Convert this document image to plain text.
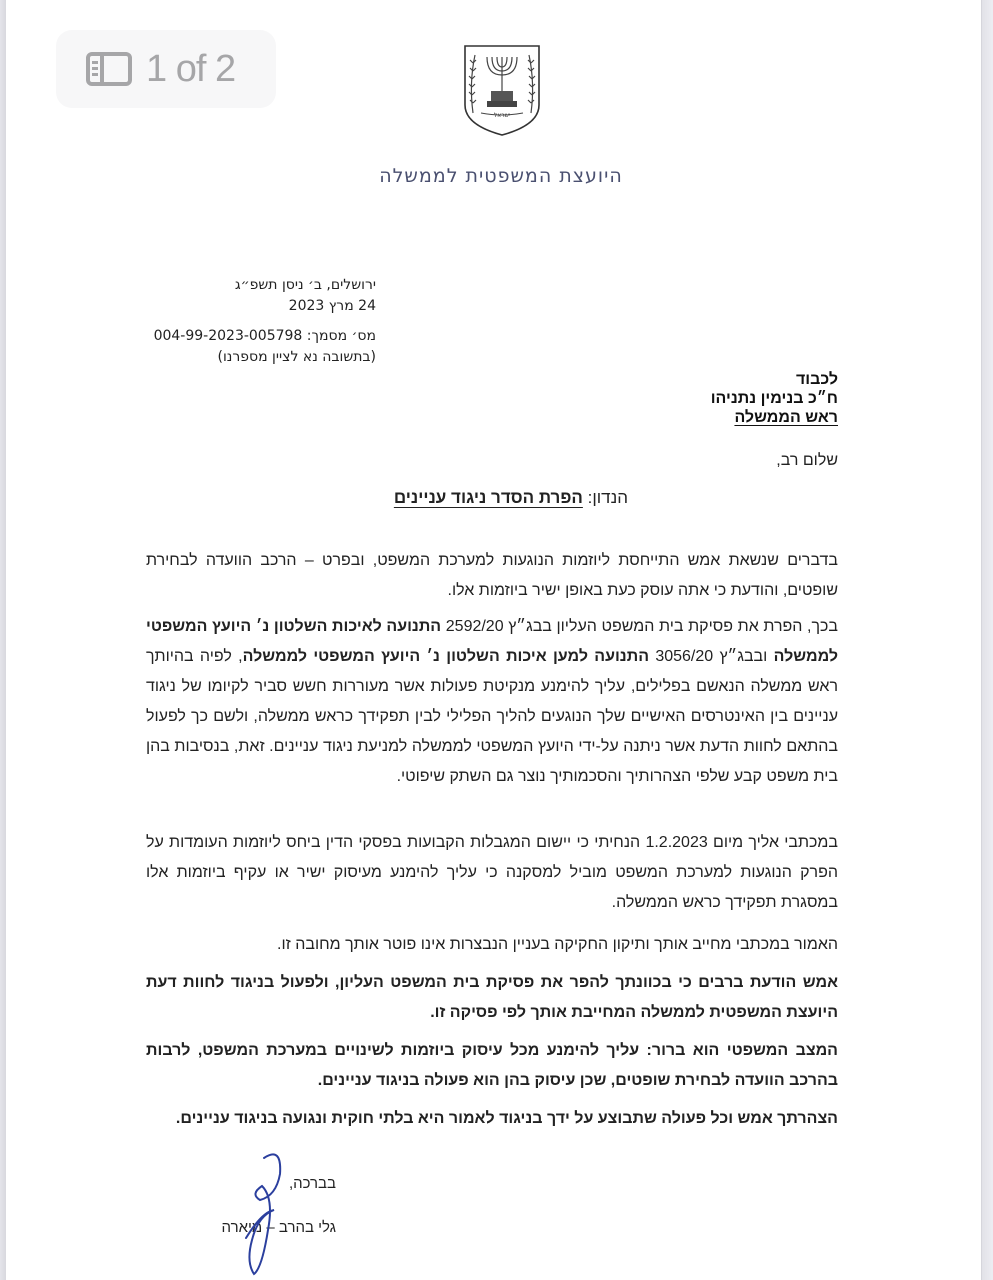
1 of 2
ישראל
היועצת המשפטית לממשלה
ירושלים, ב׳ ניסן תשפ״ג
24 מרץ 2023
מס׳ מסמך: 004-99-2023-005798
(בתשובה נא לציין מספרנו)
לכבוד
ח״כ בנימין נתניהו
ראש הממשלה
שלום רב,
הנדון: הפרת הסדר ניגוד עניינים
בדברים שנשאת אמש התייחסת ליוזמות הנוגעות למערכת המשפט, ובפרט – הרכב הוועדה לבחירת שופטים, והודעת כי אתה עוסק כעת באופן ישיר ביוזמות אלו.
בכך, הפרת את פסיקת בית המשפט העליון בבג״ץ 2592/20 התנועה לאיכות השלטון נ׳ היועץ המשפטי לממשלה ובבג״ץ 3056/20 התנועה למען איכות השלטון נ׳ היועץ המשפטי לממשלה, לפיה בהיותך ראש ממשלה הנאשם בפלילים, עליך להימנע מנקיטת פעולות אשר מעוררות חשש סביר לקיומו של ניגוד עניינים בין האינטרסים האישיים שלך הנוגעים להליך הפלילי לבין תפקידך כראש ממשלה, ולשם כך לפעול בהתאם לחוות הדעת אשר ניתנה על-ידי היועץ המשפטי לממשלה למניעת ניגוד עניינים. זאת, בנסיבות בהן בית משפט קבע שלפי הצהרותיך והסכמותיך נוצר גם השתק שיפוטי.
במכתבי אליך מיום 1.2.2023 הנחיתי כי יישום המגבלות הקבועות בפסקי הדין ביחס ליוזמות העומדות על הפרק הנוגעות למערכת המשפט מוביל למסקנה כי עליך להימנע מעיסוק ישיר או עקיף ביוזמות אלו במסגרת תפקידך כראש הממשלה.
האמור במכתבי מחייב אותך ותיקון החקיקה בעניין הנבצרות אינו פוטר אותך מחובה זו.
אמש הודעת ברבים כי בכוונתך להפר את פסיקת בית המשפט העליון, ולפעול בניגוד לחוות דעת היועצת המשפטית לממשלה המחייבת אותך לפי פסיקה זו.
המצב המשפטי הוא ברור: עליך להימנע מכל עיסוק ביוזמות לשינויים במערכת המשפט, לרבות בהרכב הוועדה לבחירת שופטים, שכן עיסוק בהן הוא פעולה בניגוד עניינים.
הצהרתך אמש וכל פעולה שתבוצע על ידך בניגוד לאמור היא בלתי חוקית ונגועה בניגוד עניינים.
בברכה,
גלי בהרב – מיארה
